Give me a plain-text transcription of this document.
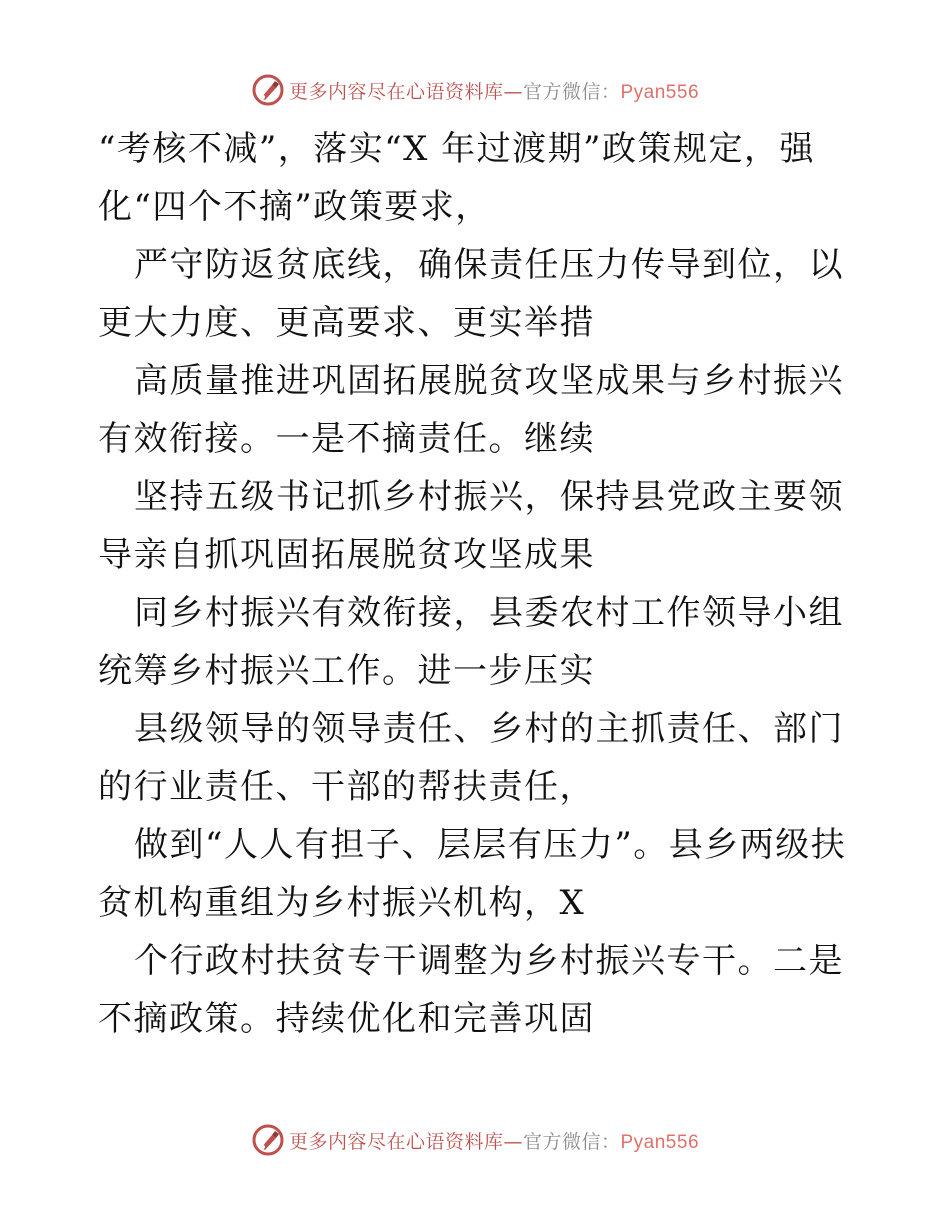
更多内容尽在心语资料库—官方微信：Pyan556

“考核不减”，落实“X 年过渡期”政策规定，强化“四个不摘”政策要求，

严守防返贫底线，确保责任压力传导到位，以更大力度、更高要求、更实举措

高质量推进巩固拓展脱贫攻坚成果与乡村振兴有效衔接。一是不摘责任。继续

坚持五级书记抓乡村振兴，保持县党政主要领导亲自抓巩固拓展脱贫攻坚成果

同乡村振兴有效衔接，县委农村工作领导小组统筹乡村振兴工作。进一步压实

县级领导的领导责任、乡村的主抓责任、部门的行业责任、干部的帮扶责任，

做到“人人有担子、层层有压力”。县乡两级扶贫机构重组为乡村振兴机构，X

个行政村扶贫专干调整为乡村振兴专干。二是不摘政策。持续优化和完善巩固

更多内容尽在心语资料库—官方微信：Pyan556
